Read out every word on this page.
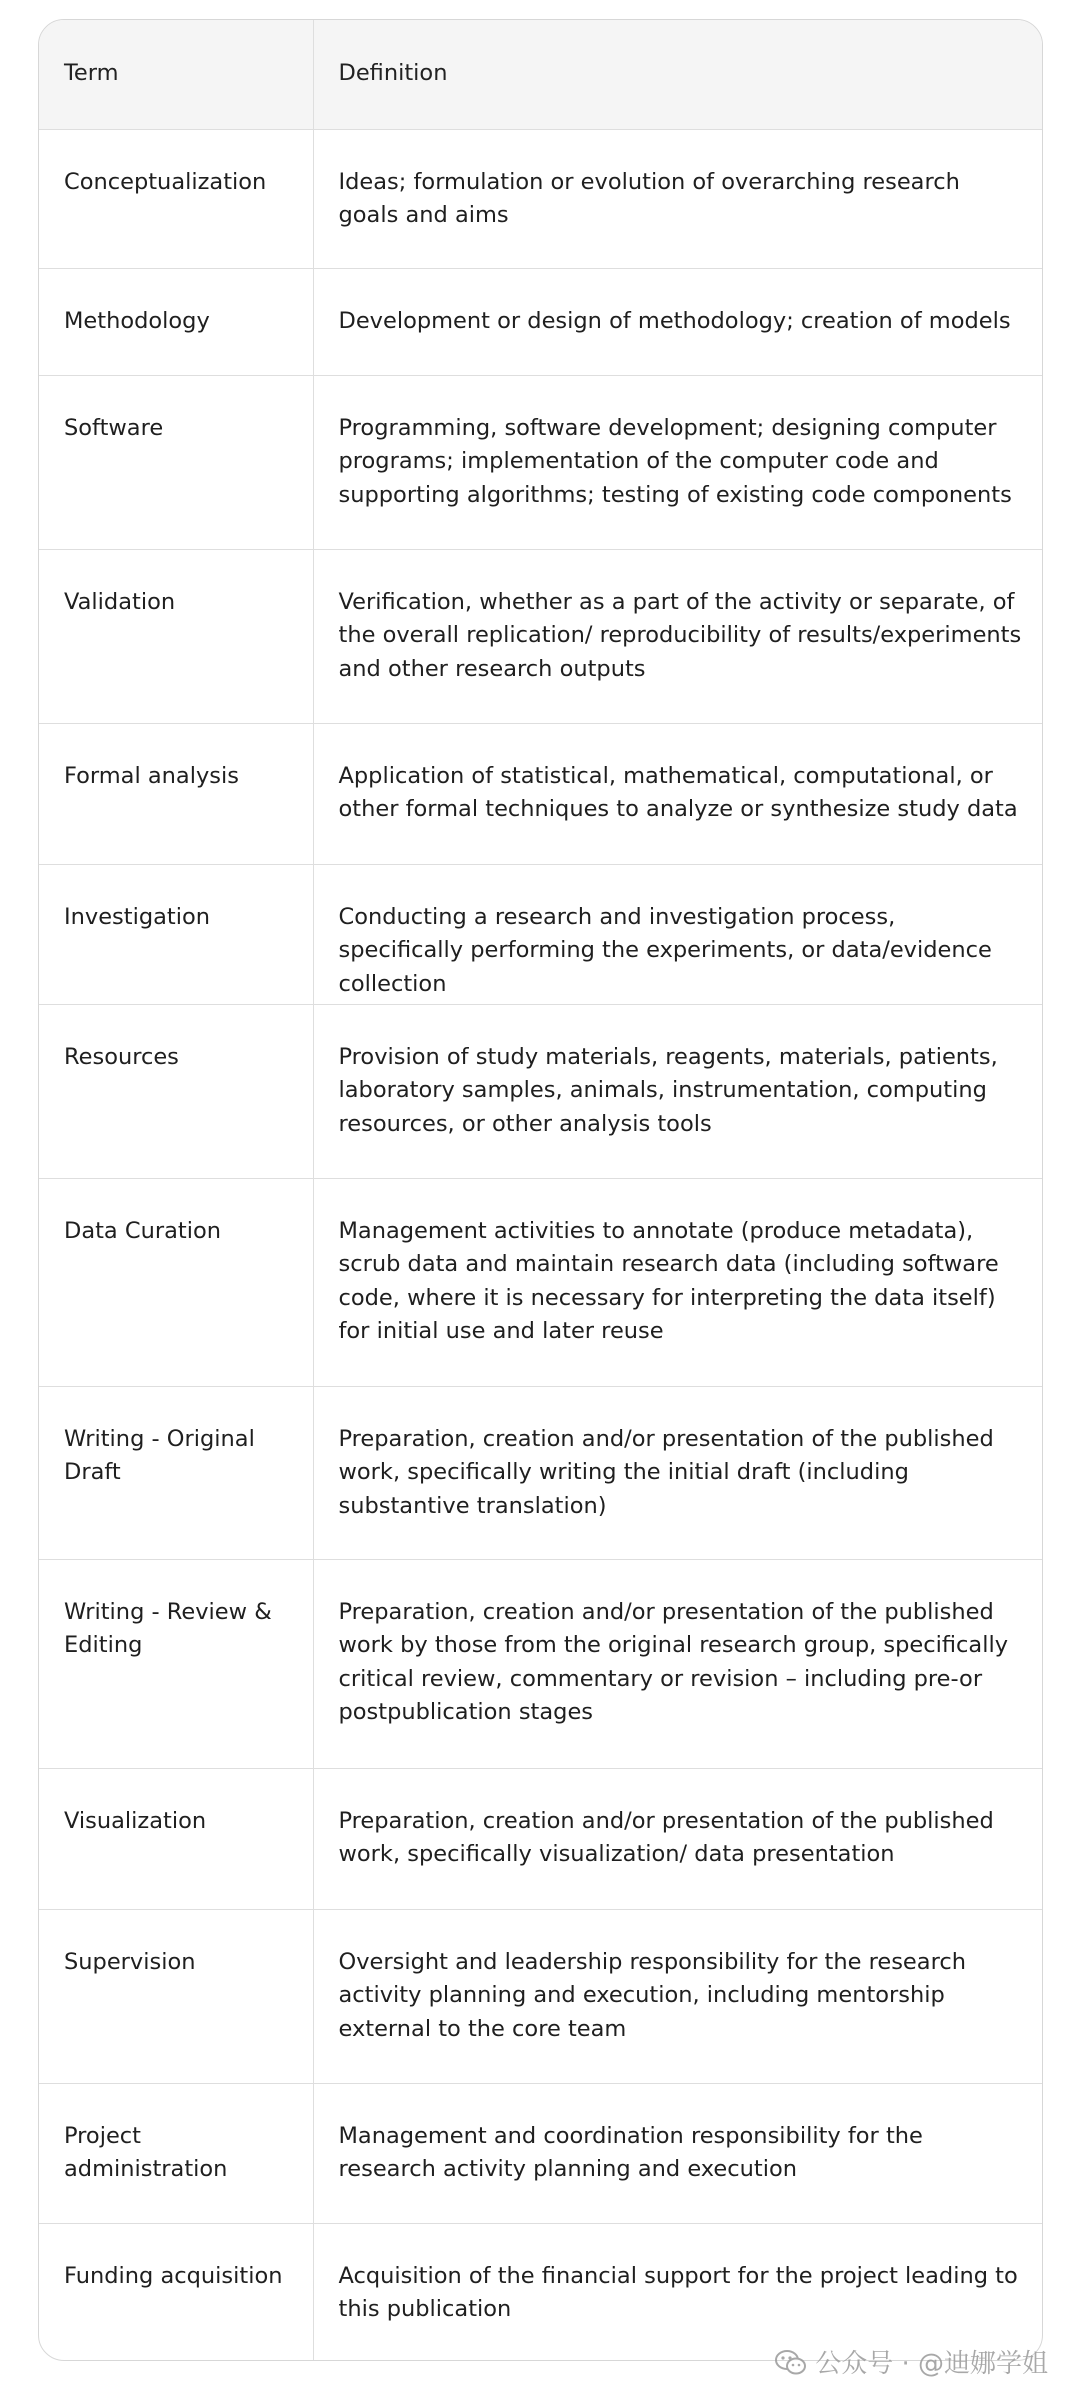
Term	Definition
Conceptualization	Ideas; formulation or evolution of overarching research goals and aims
Methodology	Development or design of methodology; creation of models
Software	Programming, software development; designing computer programs; implementation of the computer code and supporting algorithms; testing of existing code components
Validation	Verification, whether as a part of the activity or separate, of the overall replication/ reproducibility of results/experiments and other research outputs
Formal analysis	Application of statistical, mathematical, computational, or other formal techniques to analyze or synthesize study data
Investigation	Conducting a research and investigation process, specifically performing the experiments, or data/evidence collection
Resources	Provision of study materials, reagents, materials, patients, laboratory samples, animals, instrumentation, computing resources, or other analysis tools
Data Curation	Management activities to annotate (produce metadata), scrub data and maintain research data (including software code, where it is necessary for interpreting the data itself) for initial use and later reuse
Writing - Original Draft	Preparation, creation and/or presentation of the published work, specifically writing the initial draft (including substantive translation)
Writing - Review & Editing	Preparation, creation and/or presentation of the published work by those from the original research group, specifically critical review, commentary or revision – including pre-or postpublication stages
Visualization	Preparation, creation and/or presentation of the published work, specifically visualization/ data presentation
Supervision	Oversight and leadership responsibility for the research activity planning and execution, including mentorship external to the core team
Project administration	Management and coordination responsibility for the research activity planning and execution
Funding acquisition	Acquisition of the financial support for the project leading to this publication
公众号 · @迪娜学姐
